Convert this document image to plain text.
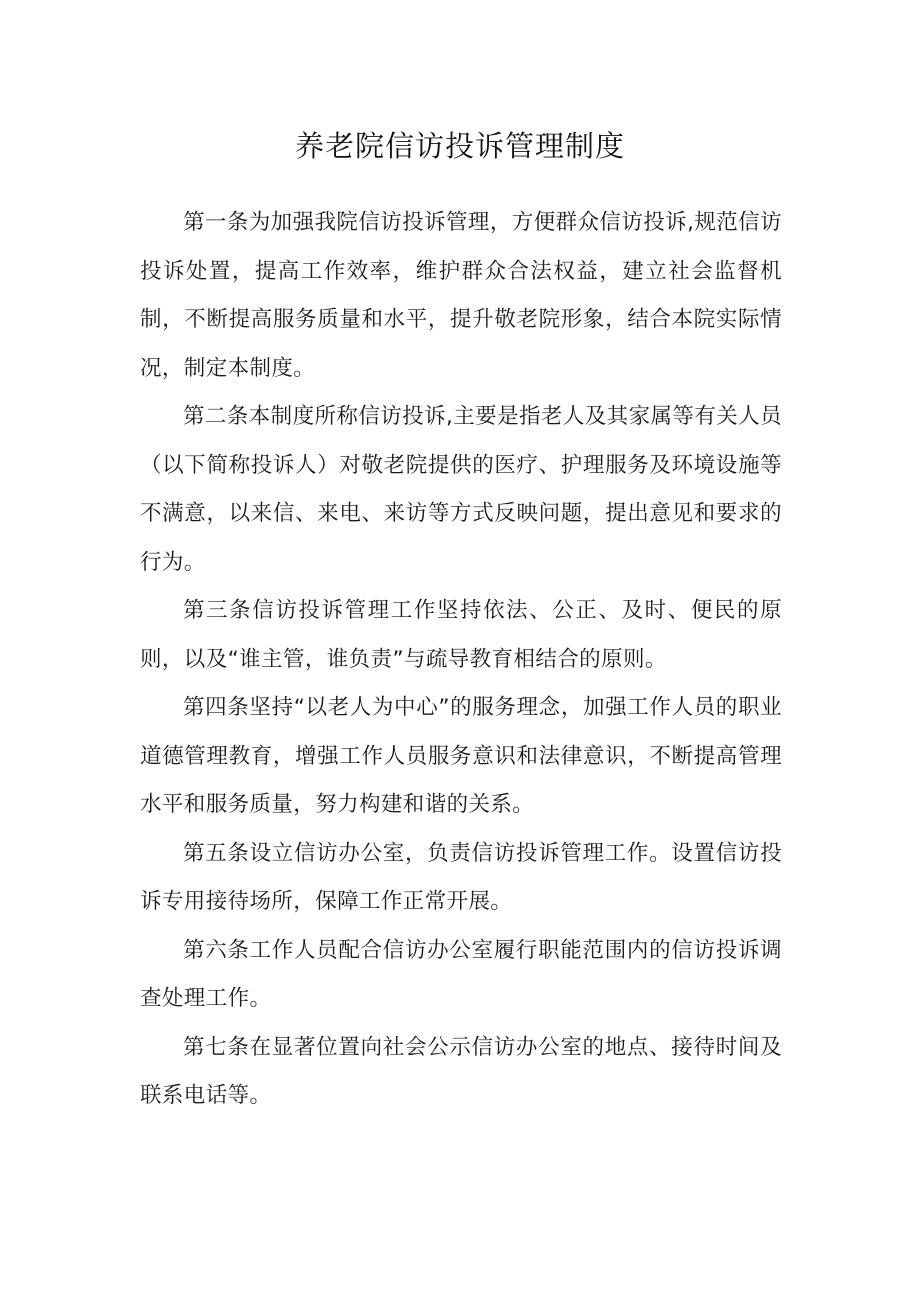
养老院信访投诉管理制度

第一条为加强我院信访投诉管理，方便群众信访投诉,规范信访投诉处置，提高工作效率，维护群众合法权益，建立社会监督机制，不断提高服务质量和水平，提升敬老院形象，结合本院实际情况，制定本制度。

第二条本制度所称信访投诉,主要是指老人及其家属等有关人员（以下简称投诉人）对敬老院提供的医疗、护理服务及环境设施等不满意，以来信、来电、来访等方式反映问题，提出意见和要求的行为。

第三条信访投诉管理工作坚持依法、公正、及时、便民的原则，以及“谁主管，谁负责”与疏导教育相结合的原则。

第四条坚持“以老人为中心”的服务理念，加强工作人员的职业道德管理教育，增强工作人员服务意识和法律意识，不断提高管理水平和服务质量，努力构建和谐的关系。

第五条设立信访办公室，负责信访投诉管理工作。设置信访投诉专用接待场所，保障工作正常开展。

第六条工作人员配合信访办公室履行职能范围内的信访投诉调查处理工作。

第七条在显著位置向社会公示信访办公室的地点、接待时间及联系电话等。
